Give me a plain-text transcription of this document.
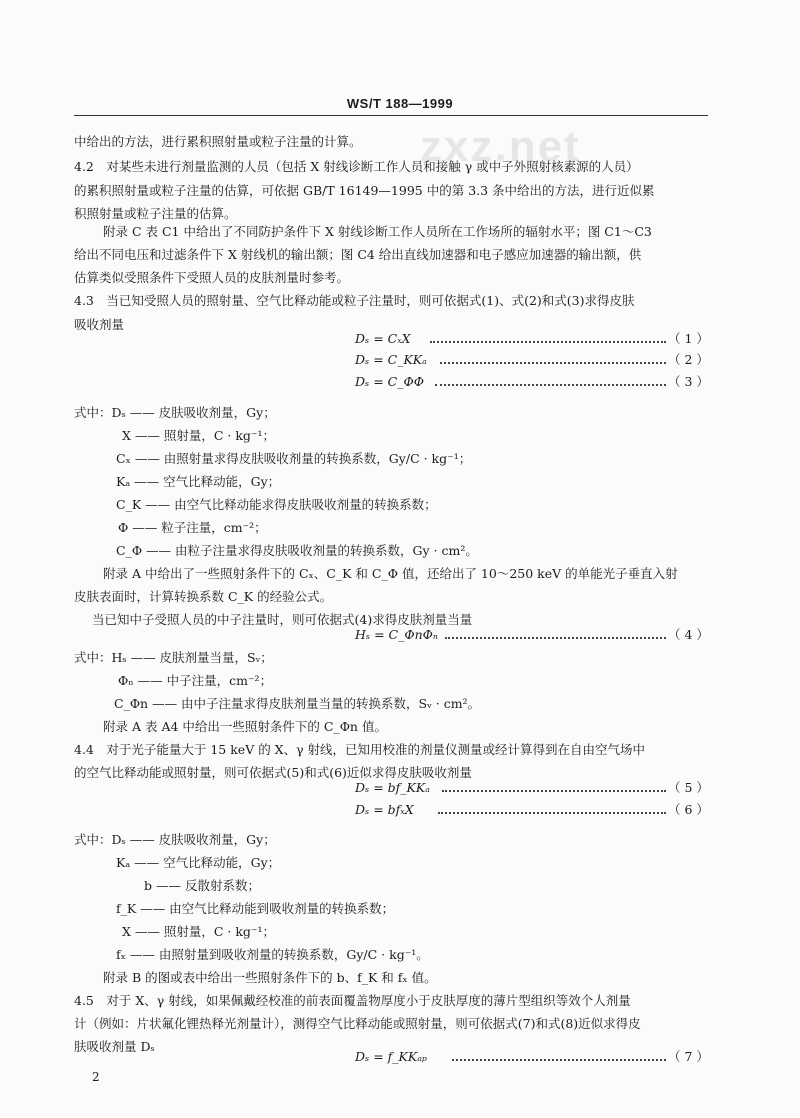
zxz.net
WS/T 188—1999
中给出的方法，进行累积照射量或粒子注量的计算。
4.2　对某些未进行剂量监测的人员（包括 X 射线诊断工作人员和接触 γ 或中子外照射核素源的人员）
的累积照射量或粒子注量的估算，可依据 GB/T 16149—1995 中的第 3.3 条中给出的方法，进行近似累
积照射量或粒子注量的估算。
附录 C 表 C1 中给出了不同防护条件下 X 射线诊断工作人员所在工作场所的辐射水平；图 C1～C3
给出不同电压和过滤条件下 X 射线机的输出额；图 C4 给出直线加速器和电子感应加速器的输出额，供
估算类似受照条件下受照人员的皮肤剂量时参考。
4.3　当已知受照人员的照射量、空气比释动能或粒子注量时，则可依据式(1)、式(2)和式(3)求得皮肤
吸收剂量
Dₛ = CₓX	（ 1 ）
Dₛ = C_KKₐ	（ 2 ）
Dₛ = C_ΦΦ	（ 3 ）
式中：Dₛ —— 皮肤吸收剂量，Gy；
X —— 照射量，C · kg⁻¹；
Cₓ —— 由照射量求得皮肤吸收剂量的转换系数，Gy/C · kg⁻¹；
Kₐ —— 空气比释动能，Gy；
C_K —— 由空气比释动能求得皮肤吸收剂量的转换系数；
Φ —— 粒子注量，cm⁻²；
C_Φ —— 由粒子注量求得皮肤吸收剂量的转换系数，Gy · cm²。
附录 A 中给出了一些照射条件下的 Cₓ、C_K 和 C_Φ 值，还给出了 10～250 keV 的单能光子垂直入射
皮肤表面时，计算转换系数 C_K 的经验公式。
当已知中子受照人员的中子注量时，则可依据式(4)求得皮肤剂量当量
Hₛ = C_ΦnΦₙ	（ 4 ）
式中：Hₛ —— 皮肤剂量当量，Sᵥ；
Φₙ —— 中子注量，cm⁻²；
C_Φn —— 由中子注量求得皮肤剂量当量的转换系数，Sᵥ · cm²。
附录 A 表 A4 中给出一些照射条件下的 C_Φn 值。
4.4　对于光子能量大于 15 keV 的 X、γ 射线，已知用校准的剂量仪测量或经计算得到在自由空气场中
的空气比释动能或照射量，则可依据式(5)和式(6)近似求得皮肤吸收剂量
Dₛ = bf_KKₐ	（ 5 ）
Dₛ = bfₓX	（ 6 ）
式中：Dₛ —— 皮肤吸收剂量，Gy；
Kₐ —— 空气比释动能，Gy；
b —— 反散射系数；
f_K —— 由空气比释动能到吸收剂量的转换系数；
X —— 照射量，C · kg⁻¹；
fₓ —— 由照射量到吸收剂量的转换系数，Gy/C · kg⁻¹。
附录 B 的图或表中给出一些照射条件下的 b、f_K 和 fₓ 值。
4.5　对于 X、γ 射线，如果佩戴经校准的前表面覆盖物厚度小于皮肤厚度的薄片型组织等效个人剂量
计（例如：片状氟化锂热释光剂量计），测得空气比释动能或照射量，则可依据式(7)和式(8)近似求得皮
肤吸收剂量 Dₛ
Dₛ = f_KKₐₚ	（ 7 ）
2
